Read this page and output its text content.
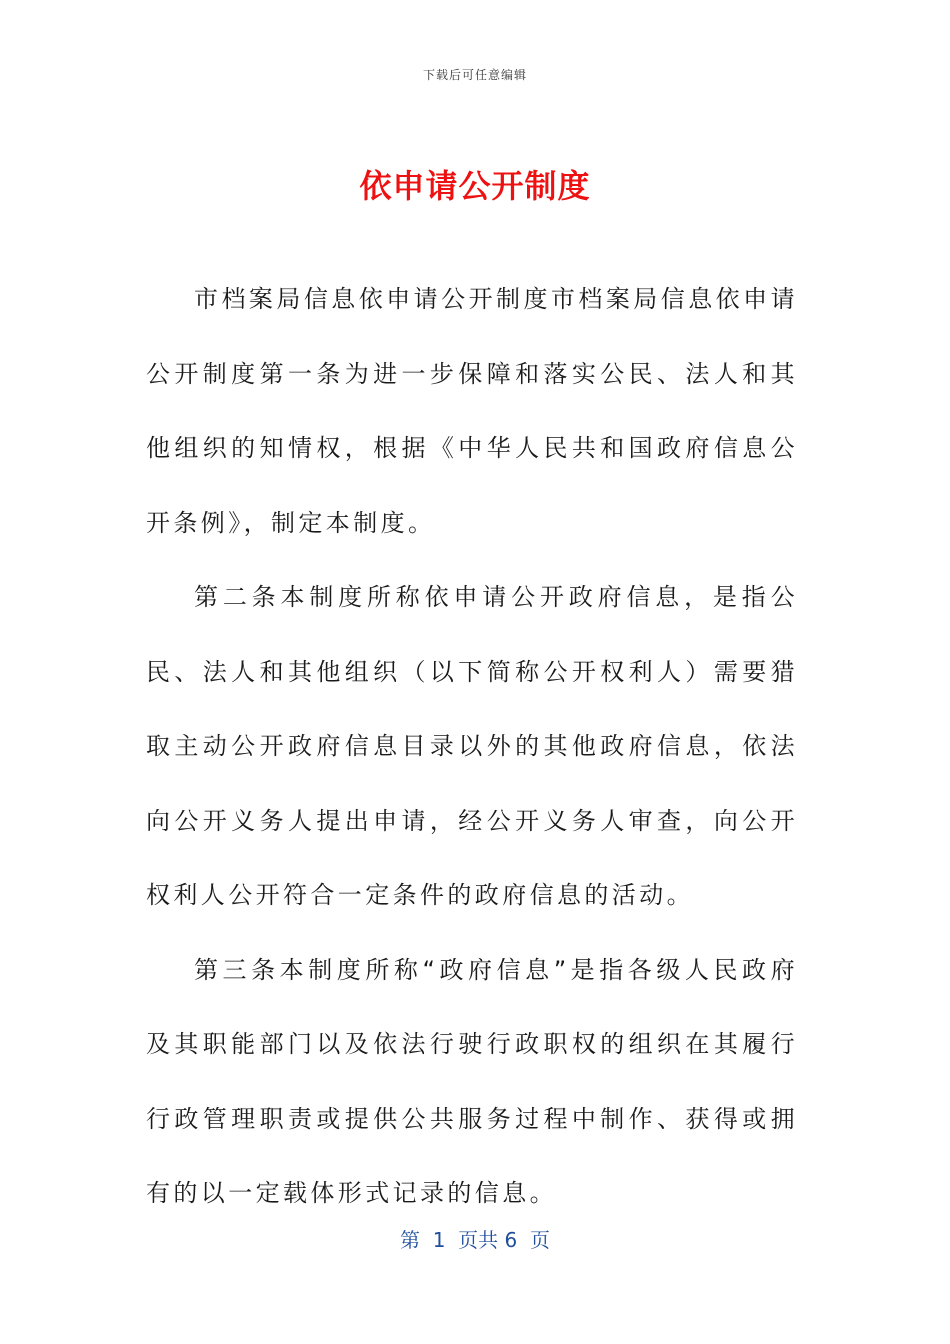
下载后可任意编辑
依申请公开制度

市档案局信息依申请公开制度市档案局信息依申请公开制度第一条为进一步保障和落实公民、法人和其他组织的知情权，根据《中华人民共和国政府信息公开条例》，制定本制度。

第二条本制度所称依申请公开政府信息，是指公民、法人和其他组织（以下简称公开权利人）需要猎取主动公开政府信息目录以外的其他政府信息，依法向公开义务人提出申请，经公开义务人审查，向公开权利人公开符合一定条件的政府信息的活动。

第三条本制度所称“政府信息”是指各级人民政府及其职能部门以及依法行驶行政职权的组织在其履行行政管理职责或提供公共服务过程中制作、获得或拥有的以一定载体形式记录的信息。

第  1  页共 6  页
